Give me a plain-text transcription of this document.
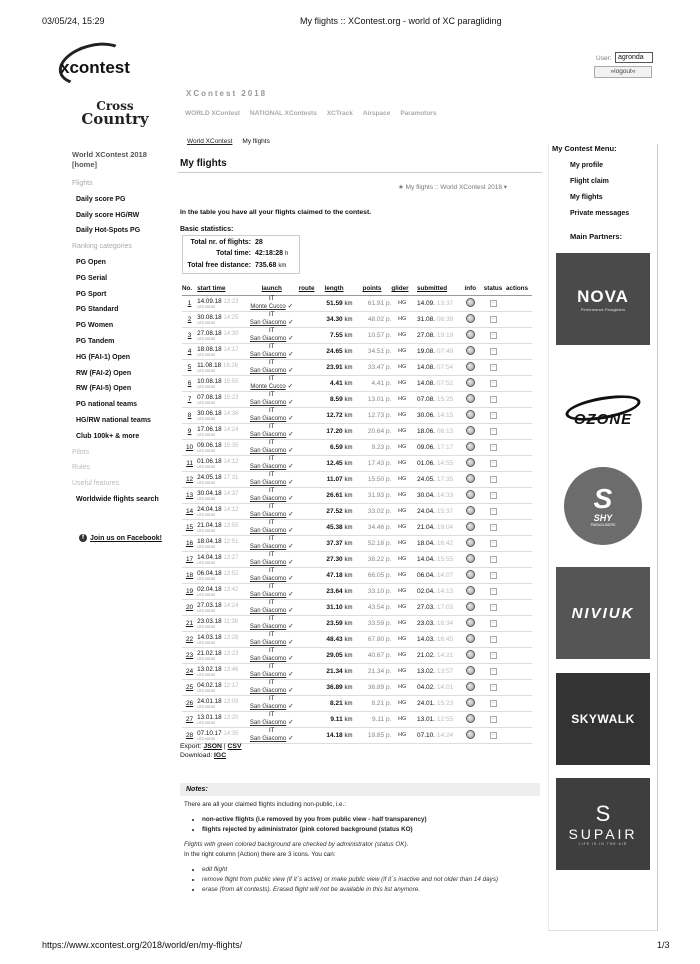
03/05/24, 15:29	My flights :: XContest.org - world of XC paragliding
xcontest
Cross
Country
User: agronda
»logout«
XContest 2018
WORLD XContest NATIONAL XContests XCTrack Airspace Paramotors
World XContest My flights
World XContest 2018 [home]
Flights
Daily score PG
Daily score HG/RW
Daily Hot-Spots PG
Ranking categories
PG Open
PG Serial
PG Sport
PG Standard
PG Women
PG Tandem
HG (FAI-1) Open
RW (FAI-2) Open
RW (FAI-5) Open
PG national teams
HG/RW national teams
Club 100k+ & more
Pilots
Rules
Useful features
Worldwide flights search
f Join us on Facebook!
My flights
★ My flights :: World XContest 2018 ▾
In the table you have all your flights claimed to the contest.
Basic statistics:
Total nr. of flights: 28
Total time: 42:18:28 h
Total free distance: 735.68 km
No.	start time	launch	route	length	points	glider	submitted	info	status	actions
1	14.09.18 13:23
UTC+02:00	IT
Monte Cucco ✓		51.59 km	61.91 p.	HG	14.09. 13:37		-	
2	30.08.18 14:25
UTC+02:00	IT
San Giacomo ✓		34.30 km	48.02 p.	HG	31.08. 06:39		-	
3	27.08.18 14:30
UTC+02:00	IT
San Giacomo ✓		7.55 km	10.57 p.	HG	27.08. 19:19		-	
4	18.08.18 14:17
UTC+02:00	IT
San Giacomo ✓		24.65 km	34.51 p.	HG	19.08. 07:49		-	
5	11.08.18 16:26
UTC+02:00	IT
San Giacomo ✓		23.91 km	33.47 p.	HG	14.08. 07:54		-	
6	10.08.18 15:55
UTC+02:00	IT
Monte Cucco ✓		4.41 km	4.41 p.	HG	14.08. 07:52		-	
7	07.08.18 15:23
UTC+02:00	IT
San Giacomo ✓		8.59 km	13.01 p.	HG	07.08. 15:25		-	
8	30.06.18 14:36
UTC+02:00	IT
San Giacomo ✓		12.72 km	12.73 p.	HG	30.06. 14:15		-	
9	17.06.18 14:24
UTC+02:00	IT
San Giacomo ✓		17.20 km	20.64 p.	HG	18.06. 06:13		-	
10	09.06.18 15:35
UTC+02:00	IT
San Giacomo ✓		6.59 km	9.23 p.	HG	09.06. 17:17		-	
11	01.06.18 14:12
UTC+02:00	IT
San Giacomo ✓		12.45 km	17.43 p.	HG	01.06. 14:55		-	
12	24.05.18 17:31
UTC+02:00	IT
San Giacomo ✓		11.07 km	15.50 p.	HG	24.05. 17:35		-	
13	30.04.18 14:37
UTC+02:00	IT
San Giacomo ✓		26.61 km	31.93 p.	HG	30.04. 14:33		-	
14	24.04.18 14:12
UTC+02:00	IT
San Giacomo ✓		27.52 km	33.02 p.	HG	24.04. 15:37		-	
15	21.04.18 13:55
UTC+02:00	IT
San Giacomo ✓		45.38 km	34.46 p.	HG	21.04. 19:04		-	
16	18.04.18 12:51
UTC+02:00	IT
San Giacomo ✓		37.37 km	52.18 p.	HG	18.04. 16:42		-	
17	14.04.18 13:27
UTC+02:00	IT
San Giacomo ✓		27.30 km	38.22 p.	HG	14.04. 15:55		-	
18	06.04.18 13:52
UTC+02:00	IT
San Giacomo ✓		47.18 km	66.05 p.	HG	06.04. 14:07		-	
19	02.04.18 13:42
UTC+02:00	IT
San Giacomo ✓		23.64 km	33.10 p.	HG	02.04. 14:13		-	
20	27.03.18 14:24
UTC+02:00	IT
San Giacomo ✓		31.10 km	43.54 p.	HG	27.03. 17:03		-	
21	23.03.18 11:38
UTC+02:00	IT
San Giacomo ✓		23.59 km	33.59 p.	HG	23.03. 16:34		-	
22	14.03.18 13:28
UTC+02:00	IT
San Giacomo ✓		48.43 km	67.80 p.	HG	14.03. 16:45		-	
23	21.02.18 13:23
UTC+02:00	IT
San Giacomo ✓		29.05 km	40.67 p.	HG	21.02. 14:21		-	
24	13.02.18 13:46
UTC+02:00	IT
San Giacomo ✓		21.34 km	21.34 p.	HG	13.02. 13:57		-	
25	04.02.18 12:17
UTC+02:00	IT
San Giacomo ✓		36.89 km	36.89 p.	HG	04.02. 14:01		-	
26	24.01.18 13:09
UTC+02:00	IT
San Giacomo ✓		8.21 km	8.21 p.	HG	24.01. 15:23		-	
27	13.01.18 13:20
UTC+02:00	IT
San Giacomo ✓		9.11 km	9.11 p.	HG	13.01. 12:55		-	
28	07.10.17 14:35
UTC+02:00	IT
San Giacomo ✓		14.18 km	19.85 p.	HG	07.10. 14:24		-	
Export: JSON | CSV
Download: IGC
Notes:
There are all your claimed flights including non-public, i.e.:
• non-active flights (i.e removed by you from public view - half transparency)
• flights rejected by administrator (pink colored background (status KO)
Flights with green colored background are checked by administrator (status OK).
In the right column (Action) there are 3 icons. You can:
• edit flight
• remove flight from public view (if it´s active) or make public view (if it´s inactive and not older than 14 days)
• erase (from all contests). Erased flight will not be available in this list anymore.
My Contest Menu:
My profile
Flight claim
My flights
Private messages
Main Partners:
NOVA
Performance Paragliders
OZONE
S
SHY
PARAGLIDERS
NIVIUK
SKYWALK
S
SUPAIR
LIFE IS IN THE AIR
https://www.xcontest.org/2018/world/en/my-flights/	1/3
